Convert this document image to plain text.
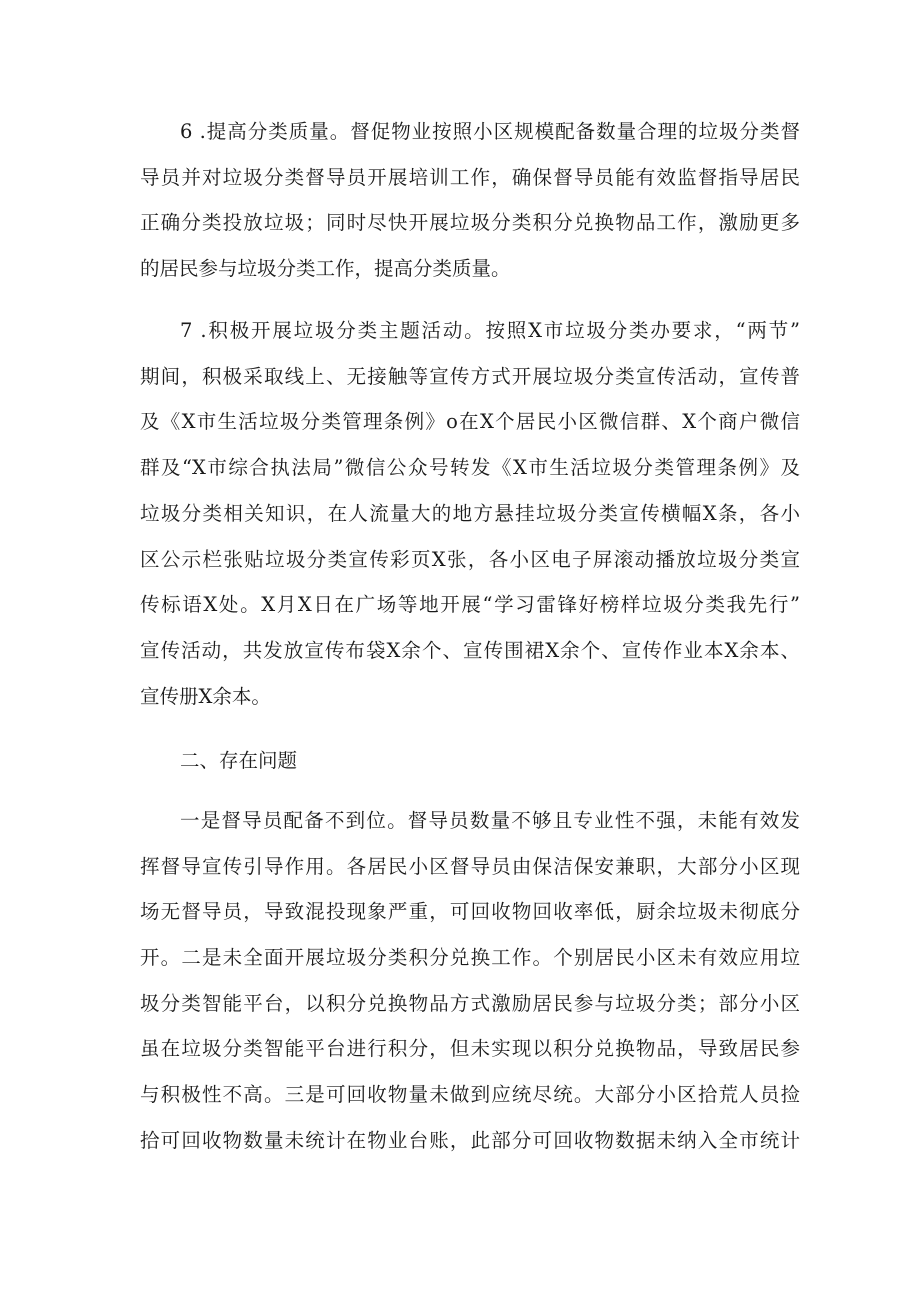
6 .提高分类质量。督促物业按照小区规模配备数量合理的垃圾分类督
导员并对垃圾分类督导员开展培训工作，确保督导员能有效监督指导居民
正确分类投放垃圾；同时尽快开展垃圾分类积分兑换物品工作，激励更多
的居民参与垃圾分类工作，提高分类质量。
7 .积极开展垃圾分类主题活动。按照X市垃圾分类办要求，“两节”
期间，积极采取线上、无接触等宣传方式开展垃圾分类宣传活动，宣传普
及《X市生活垃圾分类管理条例》o在X个居民小区微信群、X个商户微信
群及“X市综合执法局”微信公众号转发《X市生活垃圾分类管理条例》及
垃圾分类相关知识，在人流量大的地方悬挂垃圾分类宣传横幅X条，各小
区公示栏张贴垃圾分类宣传彩页X张，各小区电子屏滚动播放垃圾分类宣
传标语X处。X月X日在广场等地开展“学习雷锋好榜样垃圾分类我先行”
宣传活动，共发放宣传布袋X余个、宣传围裙X余个、宣传作业本X余本、
宣传册X余本。
二、存在问题
一是督导员配备不到位。督导员数量不够且专业性不强，未能有效发
挥督导宣传引导作用。各居民小区督导员由保洁保安兼职，大部分小区现
场无督导员，导致混投现象严重，可回收物回收率低，厨余垃圾未彻底分
开。二是未全面开展垃圾分类积分兑换工作。个别居民小区未有效应用垃
圾分类智能平台，以积分兑换物品方式激励居民参与垃圾分类；部分小区
虽在垃圾分类智能平台进行积分，但未实现以积分兑换物品，导致居民参
与积极性不高。三是可回收物量未做到应统尽统。大部分小区拾荒人员捡
拾可回收物数量未统计在物业台账，此部分可回收物数据未纳入全市统计
